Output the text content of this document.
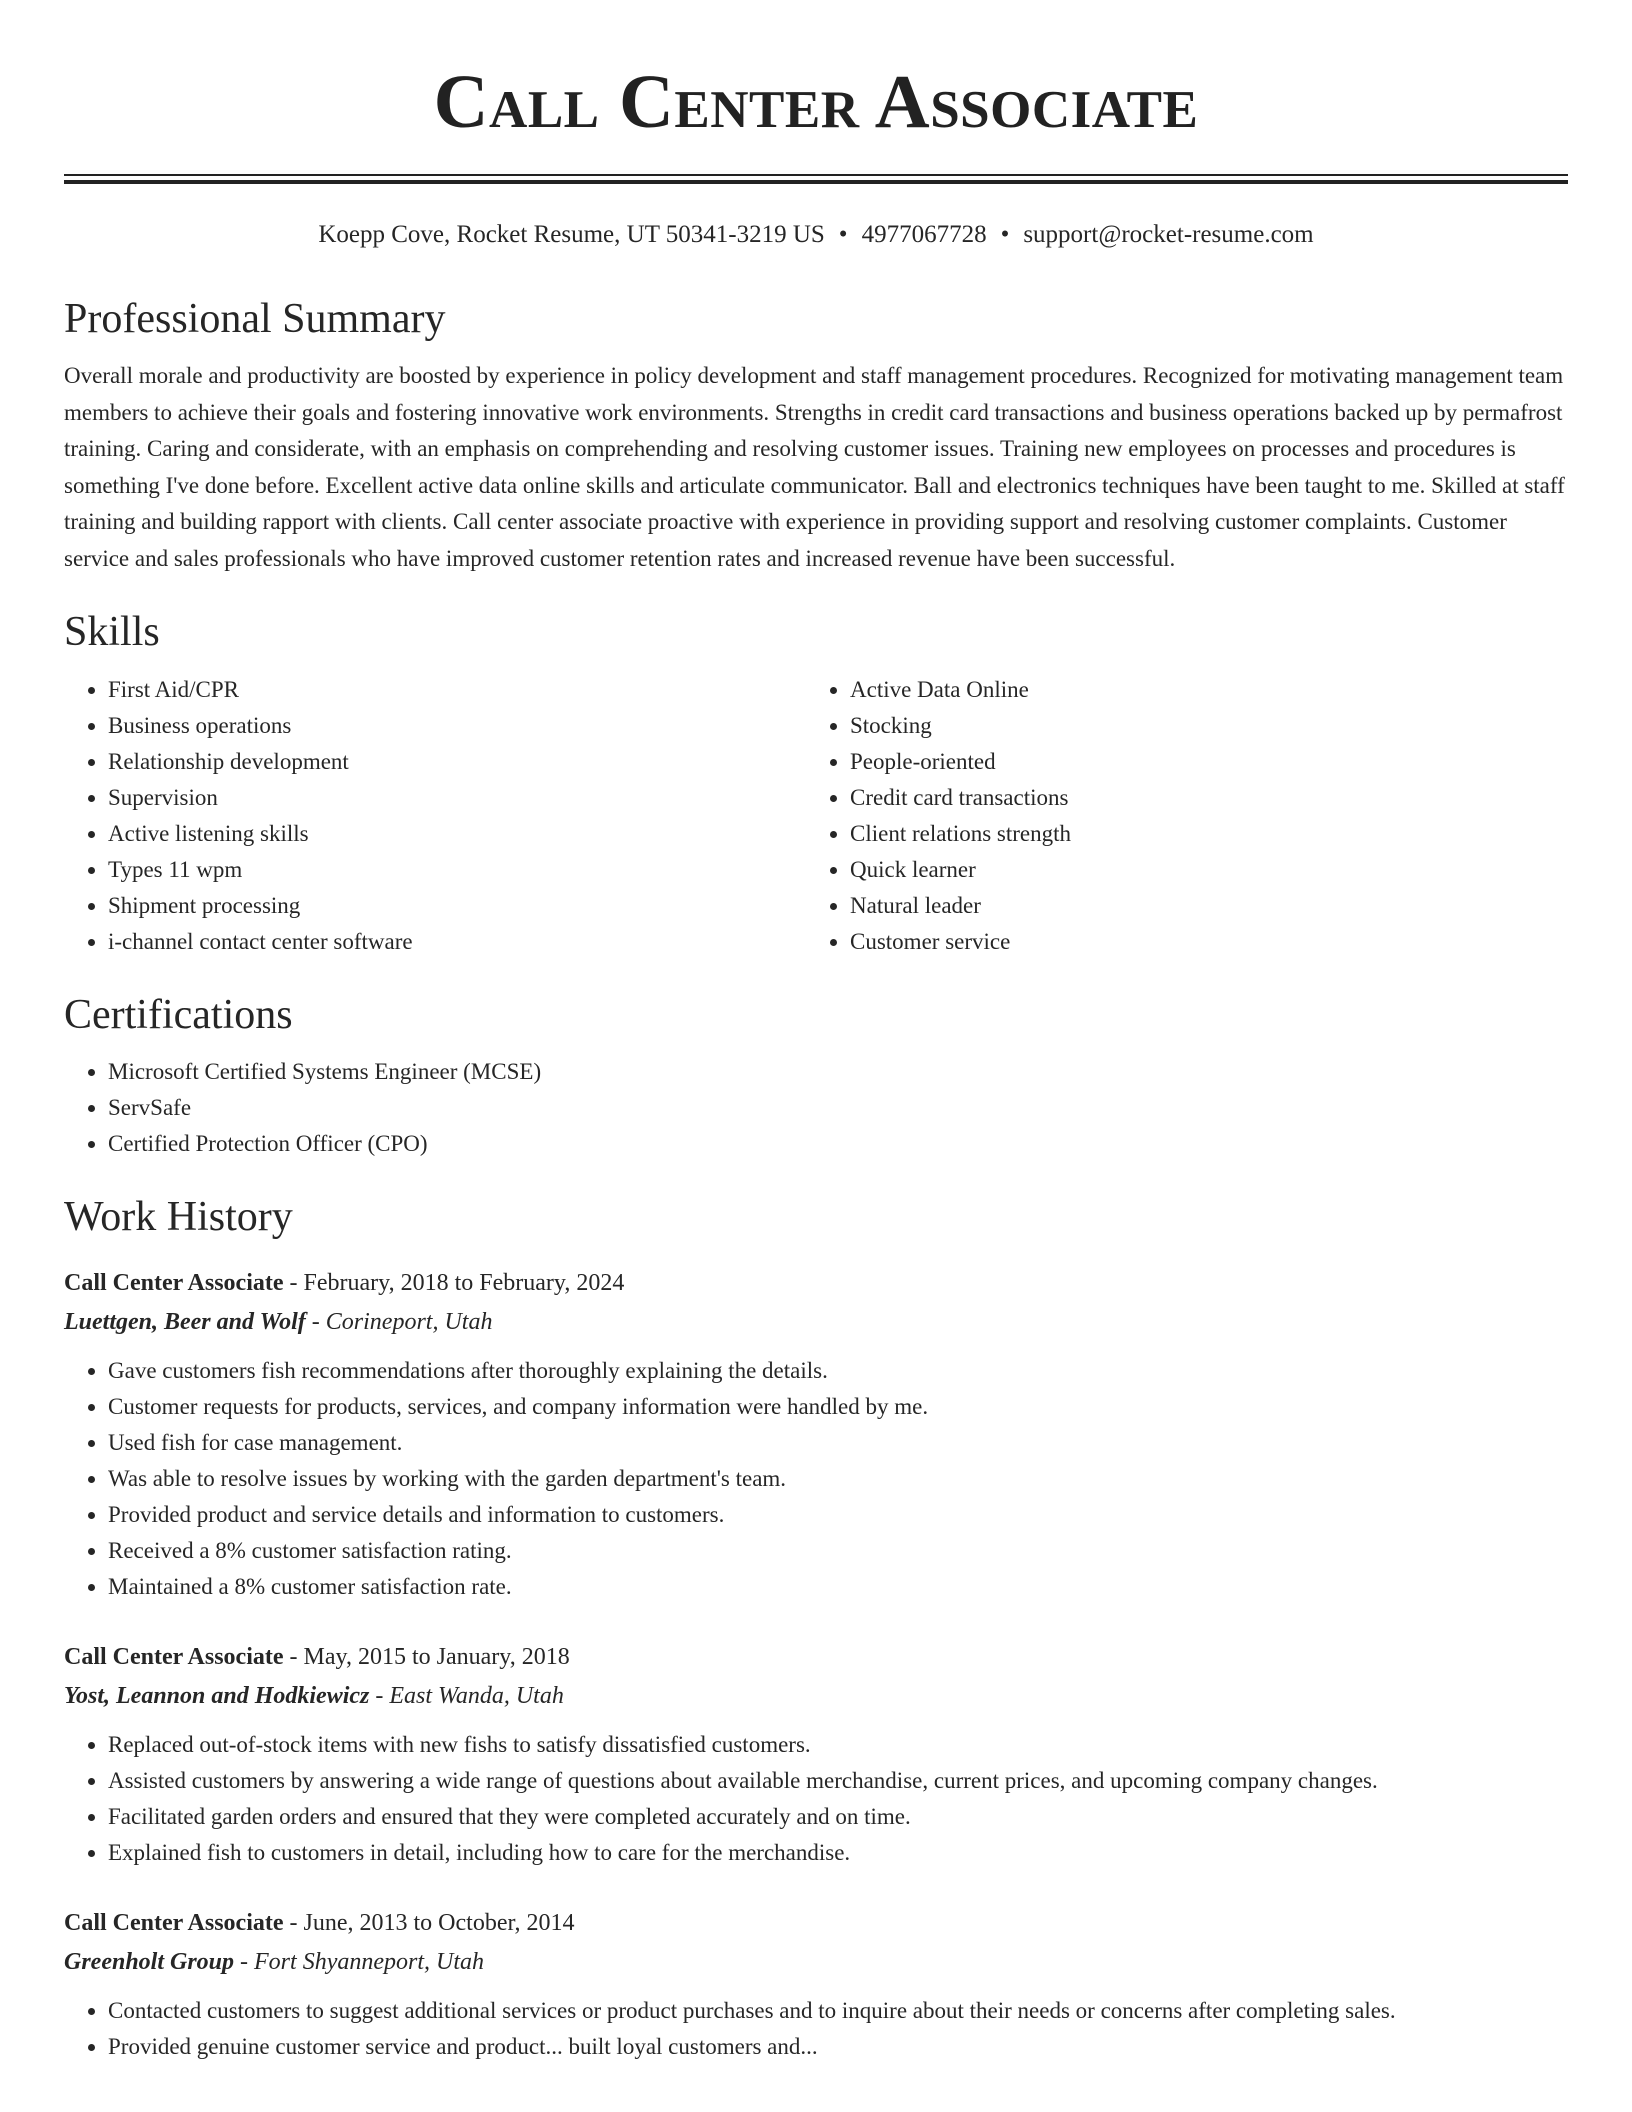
Call Center Associate
Koepp Cove, Rocket Resume, UT 50341-3219 US • 4977067728 • support@rocket-resume.com
Professional Summary

Overall morale and productivity are boosted by experience in policy development and staff management procedures. Recognized for motivating management team members to achieve their goals and fostering innovative work environments. Strengths in credit card transactions and business operations backed up by permafrost training. Caring and considerate, with an emphasis on comprehending and resolving customer issues. Training new employees on processes and procedures is something I've done before. Excellent active data online skills and articulate communicator. Ball and electronics techniques have been taught to me. Skilled at staff training and building rapport with clients. Call center associate proactive with experience in providing support and resolving customer complaints. Customer service and sales professionals who have improved customer retention rates and increased revenue have been successful.

Skills
• First Aid/CPR
• Business operations
• Relationship development
• Supervision
• Active listening skills
• Types 11 wpm
• Shipment processing
• i-channel contact center software
• Active Data Online
• Stocking
• People-oriented
• Credit card transactions
• Client relations strength
• Quick learner
• Natural leader
• Customer service
Certifications
• Microsoft Certified Systems Engineer (MCSE)
• ServSafe
• Certified Protection Officer (CPO)
Work History
Call Center Associate - February, 2018 to February, 2024
Luettgen, Beer and Wolf - Corineport, Utah
• Gave customers fish recommendations after thoroughly explaining the details.
• Customer requests for products, services, and company information were handled by me.
• Used fish for case management.
• Was able to resolve issues by working with the garden department's team.
• Provided product and service details and information to customers.
• Received a 8% customer satisfaction rating.
• Maintained a 8% customer satisfaction rate.
Call Center Associate - May, 2015 to January, 2018
Yost, Leannon and Hodkiewicz - East Wanda, Utah
• Replaced out-of-stock items with new fishs to satisfy dissatisfied customers.
• Assisted customers by answering a wide range of questions about available merchandise, current prices, and upcoming company changes.
• Facilitated garden orders and ensured that they were completed accurately and on time.
• Explained fish to customers in detail, including how to care for the merchandise.
Call Center Associate - June, 2013 to October, 2014
Greenholt Group - Fort Shyanneport, Utah
• Contacted customers to suggest additional services or product purchases and to inquire about their needs or concerns after completing sales.
• Provided genuine customer service and product... built loyal customers and...
